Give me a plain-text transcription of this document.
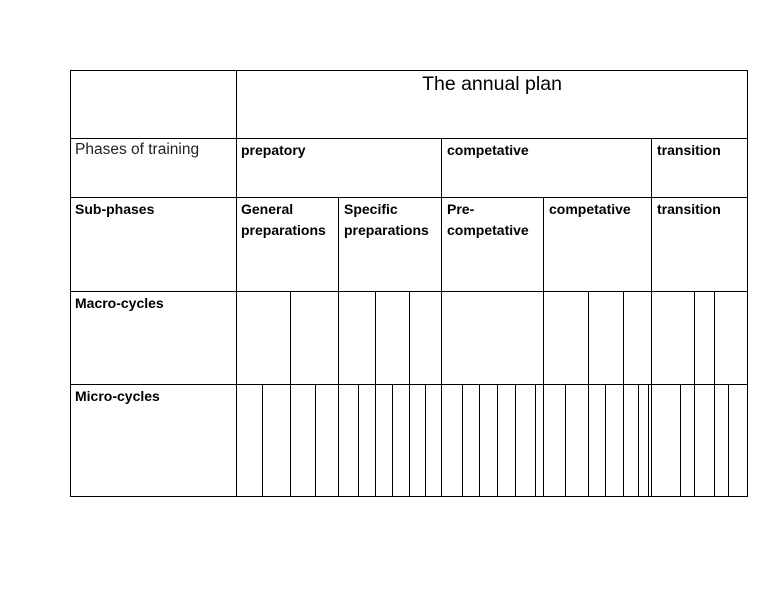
The annual plan
Phases of training
Sub-phases
Macro-cycles
Micro-cycles
prepatory	competative	transition
General
preparations
Specific
preparations
Pre-
competative
competative transition
